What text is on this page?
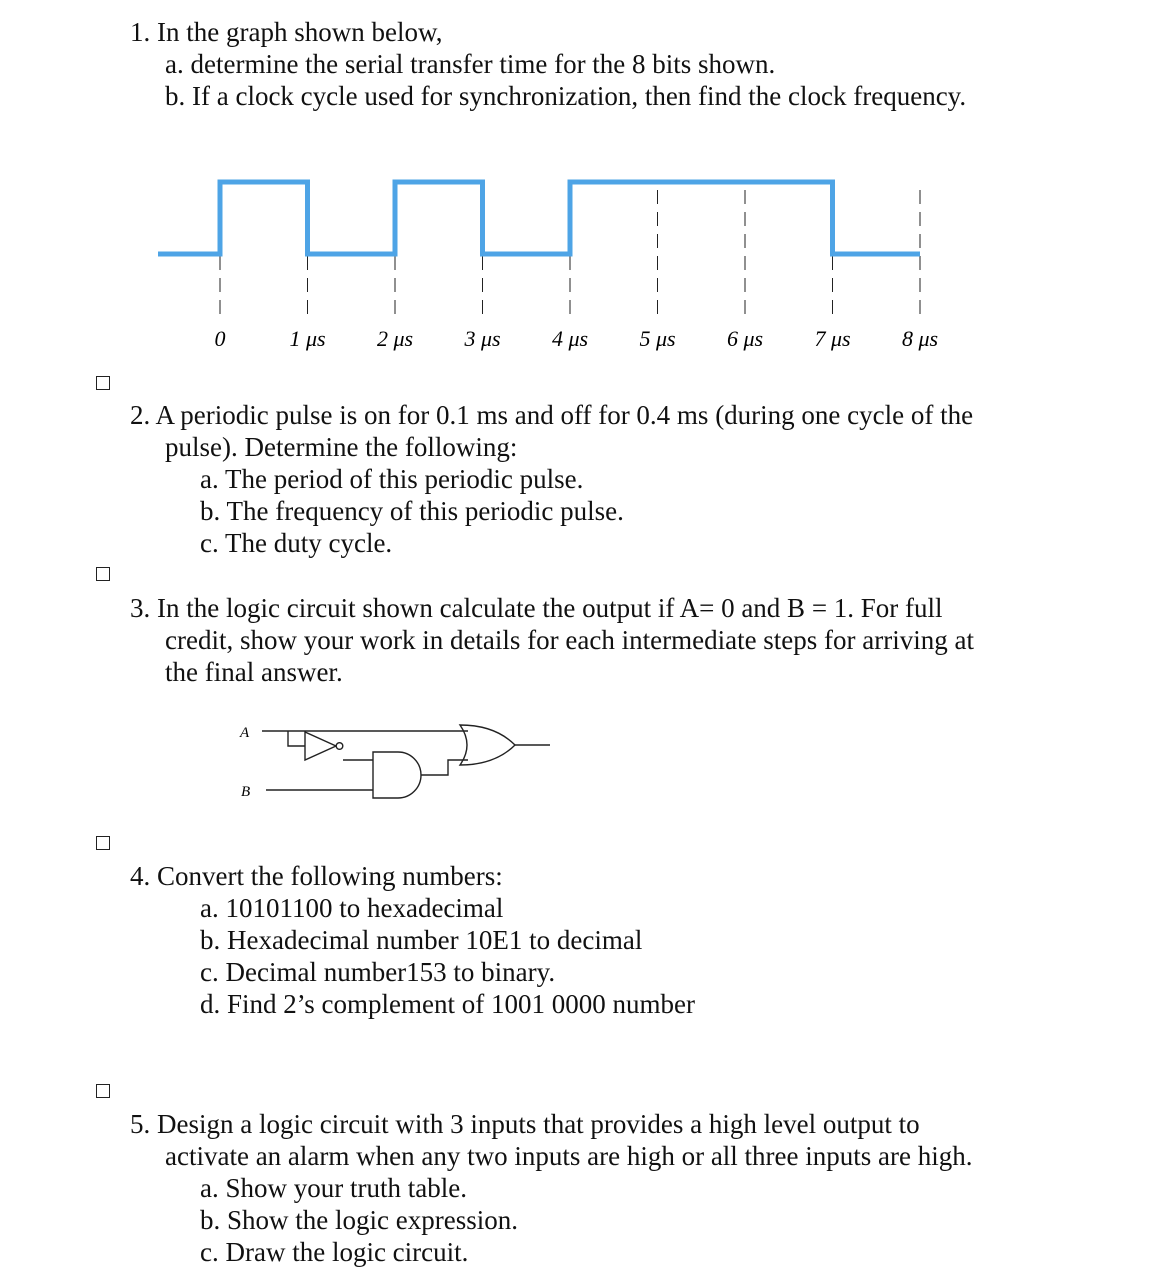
1. In the graph shown below,
a. determine the serial transfer time for the 8 bits shown.
b. If a clock cycle used for synchronization, then find the clock frequency.
0	1 μs 2 μs 3 μs 4 μs 5 μs 6 μs 7 μs 8 μs
2. A periodic pulse is on for 0.1 ms and off for 0.4 ms (during one cycle of the
pulse). Determine the following:
a. The period of this periodic pulse.
b. The frequency of this periodic pulse.
c. The duty cycle.
3. In the logic circuit shown calculate the output if A= 0 and B = 1. For full
credit, show your work in details for each intermediate steps for arriving at
the final answer.
A
B
4. Convert the following numbers:
a. 10101100 to hexadecimal
b. Hexadecimal number 10E1 to decimal
c. Decimal number153 to binary.
d. Find 2’s complement of 1001 0000 number
5. Design a logic circuit with 3 inputs that provides a high level output to
activate an alarm when any two inputs are high or all three inputs are high.
a. Show your truth table.
b. Show the logic expression.
c. Draw the logic circuit.
